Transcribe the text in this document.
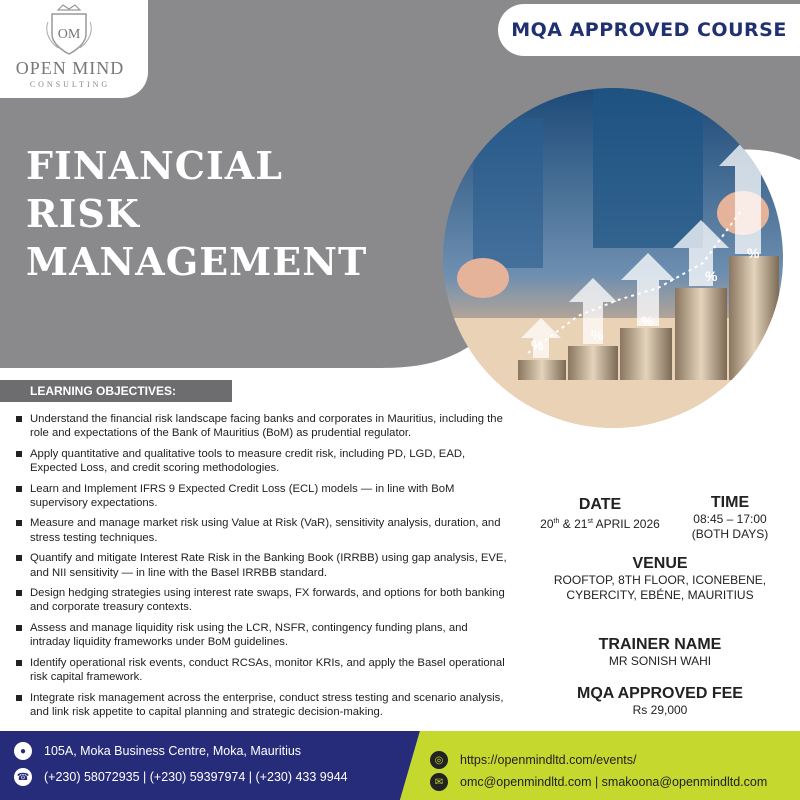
OM
OPEN MIND
CONSULTING
MQA APPROVED COURSE
FINANCIAL
RISK
MANAGEMENT
%
%
%
%
%
LEARNING OBJECTIVES:
Understand the financial risk landscape facing banks and corporates in Mauritius, including the role and expectations of the Bank of Mauritius (BoM) as prudential regulator.
Apply quantitative and qualitative tools to measure credit risk, including PD, LGD, EAD, Expected Loss, and credit scoring methodologies.
Learn and Implement IFRS 9 Expected Credit Loss (ECL) models — in line with BoM supervisory expectations.
Measure and manage market risk using Value at Risk (VaR), sensitivity analysis, duration, and stress testing techniques.
Quantify and mitigate Interest Rate Risk in the Banking Book (IRRBB) using gap analysis, EVE, and NII sensitivity — in line with the Basel IRRBB standard.
Design hedging strategies using interest rate swaps, FX forwards, and options for both banking and corporate treasury contexts.
Assess and manage liquidity risk using the LCR, NSFR, contingency funding plans, and intraday liquidity frameworks under BoM guidelines.
Identify operational risk events, conduct RCSAs, monitor KRIs, and apply the Basel operational risk capital framework.
Integrate risk management across the enterprise, conduct stress testing and scenario analysis, and link risk appetite to capital planning and strategic decision-making.
DATE
20th & 21st APRIL 2026
TIME
08:45 – 17:00
(BOTH DAYS)
VENUE
ROOFTOP, 8TH FLOOR, ICONEBENE,
CYBERCITY, EBÉNE, MAURITIUS
TRAINER NAME
MR SONISH WAHI
MQA APPROVED FEE
Rs 29,000
●	105A, Moka Business Centre, Moka, Mauritius
☎ (+230) 58072935 | (+230) 59397974 | (+230) 433 9944
◎	https://openmindltd.com/events/
✉	omc@openmindltd.com | smakoona@openmindltd.com
